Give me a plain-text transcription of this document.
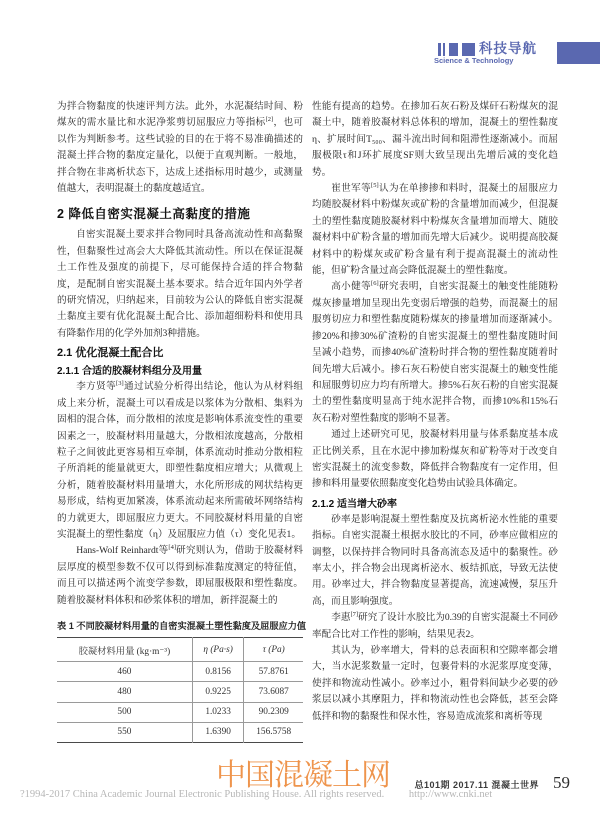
科技导航
Science & Technology

为拌合物黏度的快速评判方法。此外，水泥凝结时间、粉煤灰的需水量比和水泥净浆剪切屈服应力等指标[2]，也可以作为判断参考。这些试验的目的在于将不易准确描述的混凝土拌合物的黏度定量化，以便于直观判断。一般地，拌合物在非离析状态下，达成上述指标用时越少，或测量值越大，表明混凝土的黏度越适宜。

2 降低自密实混凝土高黏度的措施

自密实混凝土要求拌合物同时具备高流动性和高黏聚性，但黏聚性过高会大大降低其流动性。所以在保证混凝土工作性及强度的前提下，尽可能保持合适的拌合物黏度，是配制自密实混凝土基本要求。结合近年国内外学者的研究情况，归纳起来，目前较为公认的降低自密实混凝土黏度主要有优化混凝土配合比、添加超细粉料和使用具有降黏作用的化学外加剂3种措施。

2.1 优化混凝土配合比
2.1.1 合适的胶凝材料组分及用量

李方贤等[3]通过试验分析得出结论，他认为从材料组成上来分析，混凝土可以看成是以浆体为分散相、集料为固相的混合体，而分散相的浓度是影响体系流变性的重要因素之一，胶凝材料用量越大，分散相浓度越高，分散相粒子之间彼此更容易相互牵制，体系流动时推动分散相粒子所消耗的能量就更大，即塑性黏度相应增大；从微观上分析，随着胶凝材料用量增大，水化所形成的网状结构更易形成，结构更加紧凑，体系流动起来所需破坏网络结构的力就更大，即屈服应力更大。不同胶凝材料用量的自密实混凝土的塑性黏度（η）及屈服应力值（τ）变化见表1。

Hans-Wolf Reinhardt等[4]研究则认为，借助于胶凝材料层厚度的模型参数不仅可以得到标准黏度测定的特征值，而且可以描述两个流变学参数，即屈服极限和塑性黏度。随着胶凝材料体积和砂浆体积的增加，新拌混凝土的

表 1 不同胶凝材料用量的自密实混凝土塑性黏度及屈服应力值
胶凝材料用量 (kg·m⁻³)	η (Pa·s)	τ (Pa)
460	0.8156	57.8761
480	0.9225	73.6087
500	1.0233	90.2309
550	1.6390	156.5758

性能有提高的趋势。在掺加石灰石粉及煤矸石粉煤灰的混凝土中，随着胶凝材料总体积的增加，混凝土的塑性黏度η、扩展时间T₅₀₀、漏斗流出时间和阻滞性逐渐减小。而屈服极限τ和J环扩展度SF则大致呈现出先增后减的变化趋势。

崔世军等[5]认为在单掺掺和料时，混凝土的屈服应力均随胶凝材料中粉煤灰或矿粉的含量增加而减少，但混凝土的塑性黏度随胶凝材料中粉煤灰含量增加而增大、随胶凝材料中矿粉含量的增加而先增大后减少。说明提高胶凝材料中的粉煤灰或矿粉含量有利于提高混凝土的流动性能，但矿粉含量过高会降低混凝土的塑性黏度。

高小健等[6]研究表明，自密实混凝土的触变性能随粉煤灰掺量增加呈现出先变弱后增强的趋势，而混凝土的屈服剪切应力和塑性黏度随粉煤灰的掺量增加而逐渐减小。掺20%和掺30%矿渣粉的自密实混凝土的塑性黏度随时间呈减小趋势，而掺40%矿渣粉时拌合物的塑性黏度随着时间先增大后减小。掺石灰石粉使自密实混凝土的触变性能和屈服剪切应力均有所增大。掺5%石灰石粉的自密实混凝土的塑性黏度明显高于纯水泥拌合物，而掺10%和15%石灰石粉对塑性黏度的影响不显著。

通过上述研究可见，胶凝材料用量与体系黏度基本成正比例关系，且在水泥中掺加粉煤灰和矿粉等对于改变自密实混凝土的流变参数，降低拌合物黏度有一定作用，但掺和料用量要依照黏度变化趋势由试验具体确定。

2.1.2 适当增大砂率

砂率是影响混凝土塑性黏度及抗离析泌水性能的重要指标。自密实混凝土根据水胶比的不同，砂率应做相应的调整，以保持拌合物同时具备高流态及适中的黏聚性。砂率太小，拌合物会出现离析泌水、板结抓底，导致无法使用。砂率过大，拌合物黏度显著提高，流速减慢，泵压升高，而且影响强度。

李惠[7]研究了设计水胶比为0.39的自密实混凝土不同砂率配合比对工作性的影响，结果见表2。

其认为，砂率增大，骨料的总表面积和空隙率都会增大，当水泥浆数量一定时，包裹骨料的水泥浆厚度变薄，使拌和物流动性减小。砂率过小，粗骨料间缺少必要的砂浆层以减小其摩阻力，拌和物流动性也会降低，甚至会降低拌和物的黏聚性和保水性，容易造成流浆和离析等现

中国混凝土网	总101期 2017.11 混凝土世界 59
?1994-2017 China Academic Journal Electronic Publishing House. All rights reserved. http://www.cnki.net
